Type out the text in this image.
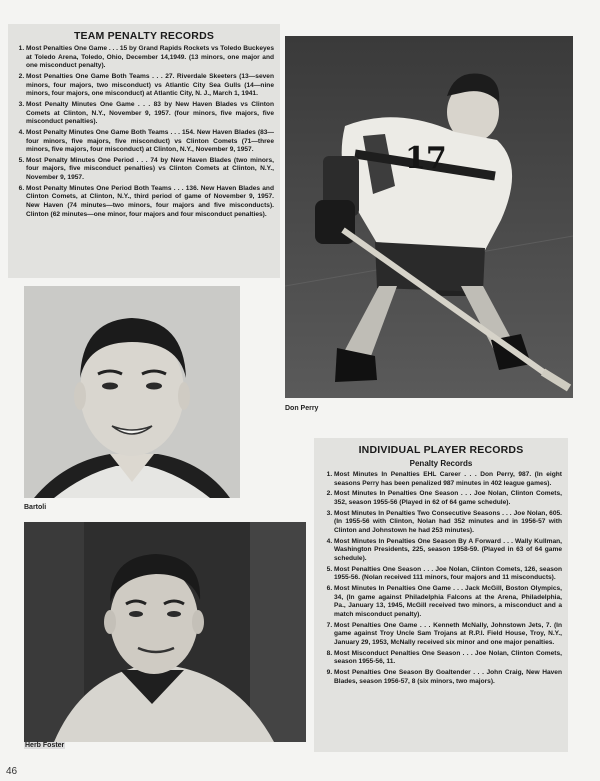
TEAM PENALTY RECORDS
1. Most Penalties One Game . . . 15 by Grand Rapids Rockets vs Toledo Buckeyes at Toledo Arena, Toledo, Ohio, December 14,1949. (13 minors, one major and one misconduct penalty).
2. Most Penalties One Game Both Teams . . . 27. Riverdale Skeeters (13—seven minors, four majors, two misconduct) vs Atlantic City Sea Gulls (14—nine minors, four majors, one misconduct) at Atlantic City, N. J., March 1, 1941.
3. Most Penalty Minutes One Game . . . 83 by New Haven Blades vs Clinton Comets at Clinton, N.Y., November 9, 1957. (four minors, five majors, five misconduct penalties).
4. Most Penalty Minutes One Game Both Teams . . . 154. New Haven Blades (83—four minors, five majors, five misconduct) vs Clinton Comets (71—three minors, five majors, four misconduct) at Clinton, N.Y., November 9, 1957.
5. Most Penalty Minutes One Period . . . 74 by New Haven Blades (two minors, four majors, five misconduct penalties) vs Clinton Comets at Clinton, N.Y., November 9, 1957.
6. Most Penalty Minutes One Period Both Teams . . . 136. New Haven Blades and Clinton Comets, at Clinton, N.Y., third period of game of November 9, 1957. New Haven (74 minutes—two minors, four majors and five misconducts). Clinton (62 minutes—one minor, four majors and four misconduct penalties).
17
Don Perry
Bartoli
Herb Foster
INDIVIDUAL PLAYER RECORDS
Penalty Records
1. Most Minutes In Penalties EHL Career . . . Don Perry, 987. (In eight seasons Perry has been penalized 987 minutes in 402 league games).
2. Most Minutes In Penalties One Season . . . Joe Nolan, Clinton Comets, 352, season 1955-56 (Played in 62 of 64 game schedule).
3. Most Minutes In Penalties Two Consecutive Seasons . . . Joe Nolan, 605. (In 1955-56 with Clinton, Nolan had 352 minutes and in 1956-57 with Clinton and Johnstown he had 253 minutes).
4. Most Minutes In Penalties One Season By A Forward . . . Wally Kullman, Washington Presidents, 225, season 1958-59. (Played in 63 of 64 game schedule).
5. Most Penalties One Season . . . Joe Nolan, Clinton Comets, 126, season 1955-56. (Nolan received 111 minors, four majors and 11 misconducts).
6. Most Minutes In Penalties One Game . . . Jack McGill, Boston Olympics, 34, (In game against Philadelphia Falcons at the Arena, Philadelphia, Pa., January 13, 1945, McGill received two minors, a misconduct and a match misconduct penalty).
7. Most Penalties One Game . . . Kenneth McNally, Johnstown Jets, 7. (In game against Troy Uncle Sam Trojans at R.P.I. Field House, Troy, N.Y., January 29, 1953, McNally received six minor and one major penalties.
8. Most Misconduct Penalties One Season . . . Joe Nolan, Clinton Comets, season 1955-56, 11.
9. Most Penalties One Season By Goaltender . . . John Craig, New Haven Blades, season 1956-57, 8 (six minors, two majors).
46
